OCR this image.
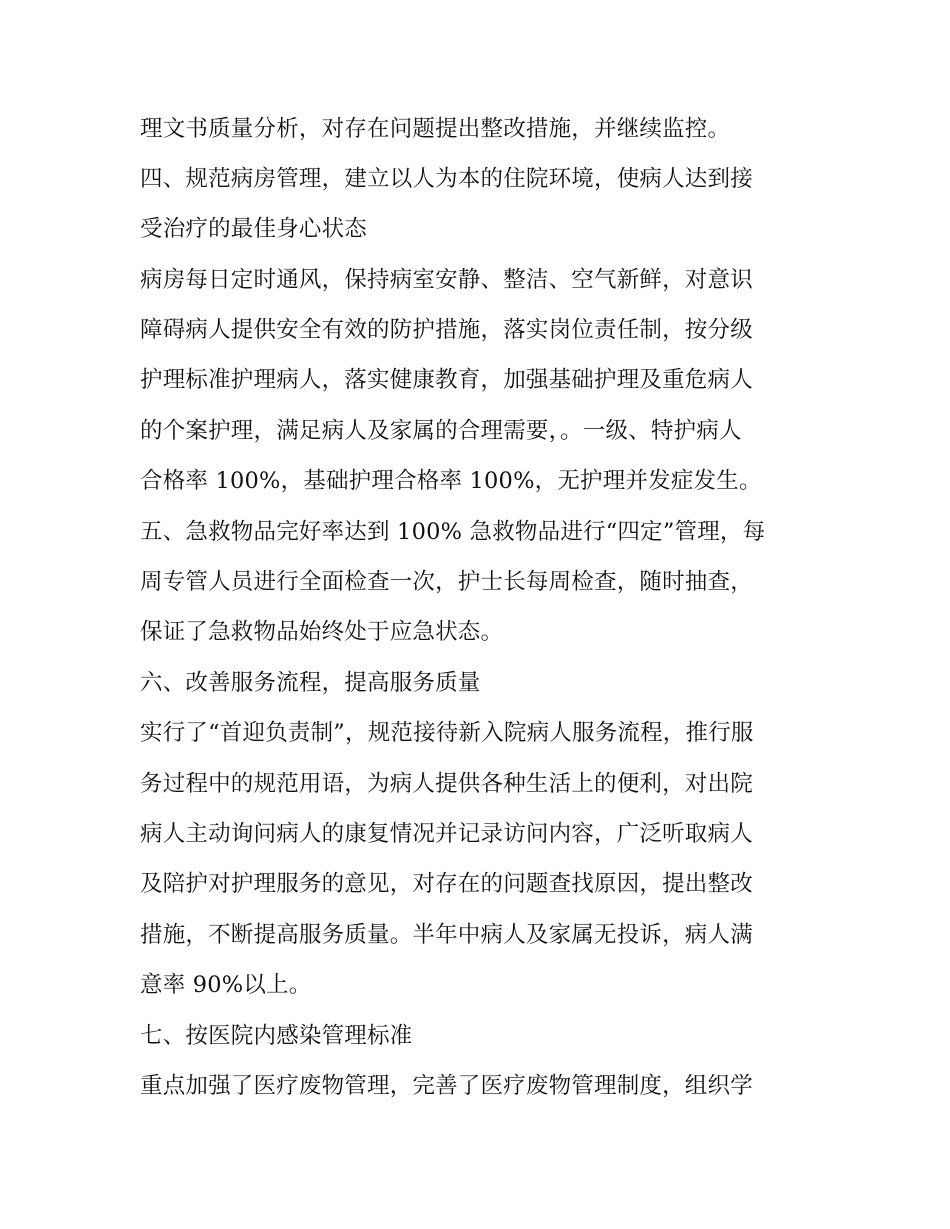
理文书质量分析，对存在问题提出整改措施，并继续监控。
四、规范病房管理，建立以人为本的住院环境，使病人达到接
受治疗的最佳身心状态
病房每日定时通风，保持病室安静、整洁、空气新鲜，对意识
障碍病人提供安全有效的防护措施，落实岗位责任制，按分级
护理标准护理病人，落实健康教育，加强基础护理及重危病人
的个案护理，满足病人及家属的合理需要，。一级、特护病人
合格率 100%，基础护理合格率 100%，无护理并发症发生。
五、急救物品完好率达到 100% 急救物品进行“四定”管理，每
周专管人员进行全面检查一次，护士长每周检查，随时抽查，
保证了急救物品始终处于应急状态。
六、改善服务流程，提高服务质量
实行了“首迎负责制”，规范接待新入院病人服务流程，推行服
务过程中的规范用语，为病人提供各种生活上的便利，对出院
病人主动询问病人的康复情况并记录访问内容，广泛听取病人
及陪护对护理服务的意见，对存在的问题查找原因，提出整改
措施，不断提高服务质量。半年中病人及家属无投诉，病人满
意率 90%以上。
七、按医院内感染管理标准
重点加强了医疗废物管理，完善了医疗废物管理制度，组织学
